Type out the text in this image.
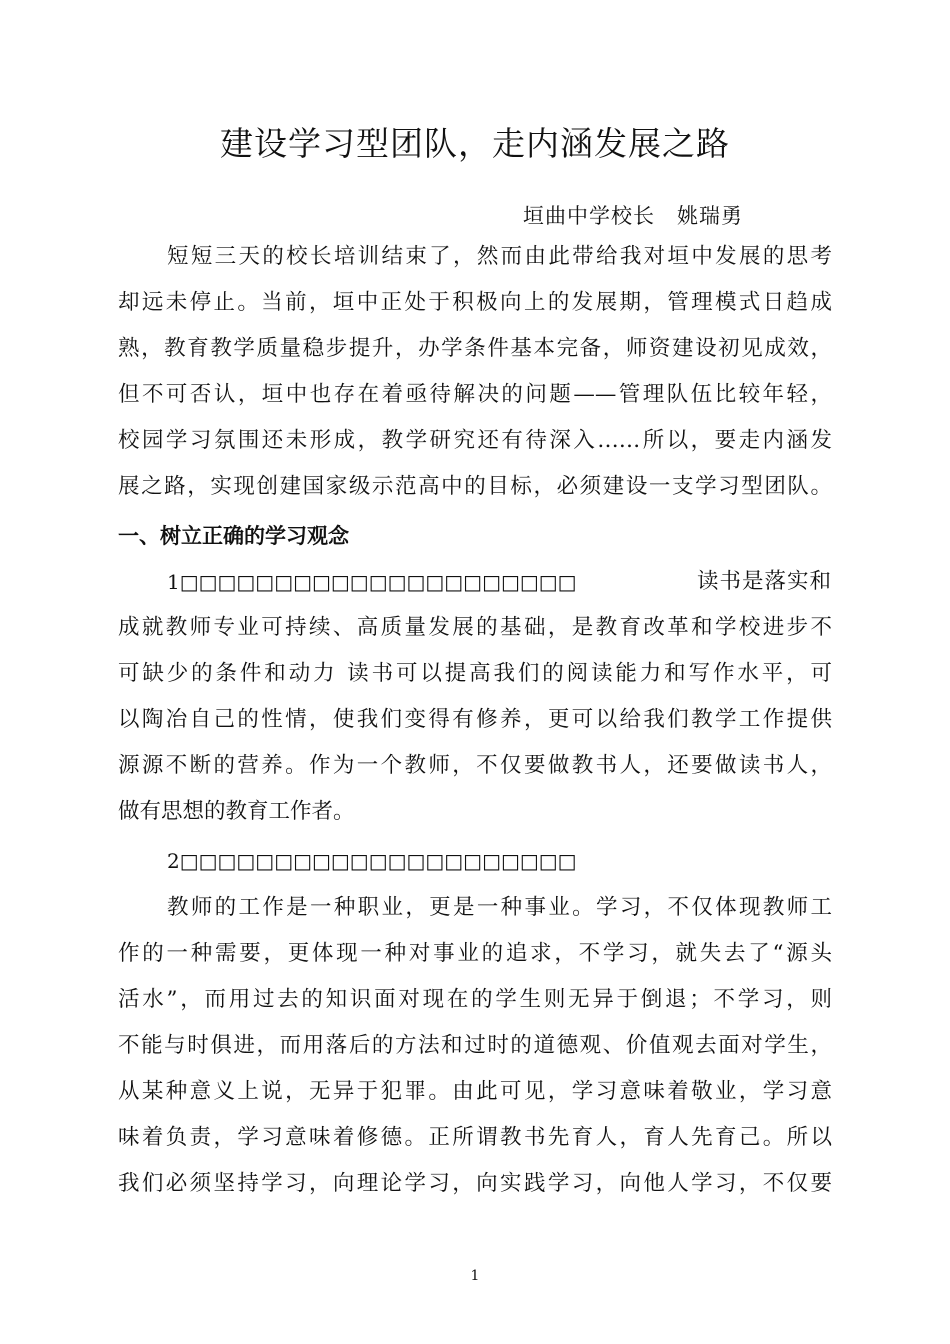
建设学习型团队，走内涵发展之路
垣曲中学校长　姚瑞勇
短短三天的校长培训结束了，然而由此带给我对垣中发展的思考
却远未停止。当前，垣中正处于积极向上的发展期，管理模式日趋成
熟，教育教学质量稳步提升，办学条件基本完备，师资建设初见成效，
但不可否认，垣中也存在着亟待解决的问题——管理队伍比较年轻，
校园学习氛围还未形成，教学研究还有待深入……所以，要走内涵发
展之路，实现创建国家级示范高中的目标，必须建设一支学习型团队。
一、树立正确的学习观念
1□□□□□□□□□□□□□□□□□□□□□	读书是落实和
成就教师专业可持续、高质量发展的基础，是教育改革和学校进步不
可缺少的条件和动力 读书可以提高我们的阅读能力和写作水平，可
以陶冶自己的性情，使我们变得有修养，更可以给我们教学工作提供
源源不断的营养。作为一个教师，不仅要做教书人，还要做读书人，
做有思想的教育工作者。
2□□□□□□□□□□□□□□□□□□□□□
教师的工作是一种职业，更是一种事业。学习，不仅体现教师工
作的一种需要，更体现一种对事业的追求，不学习，就失去了“源头
活水”，而用过去的知识面对现在的学生则无异于倒退；不学习，则
不能与时俱进，而用落后的方法和过时的道德观、价值观去面对学生，
从某种意义上说，无异于犯罪。由此可见，学习意味着敬业，学习意
味着负责，学习意味着修德。正所谓教书先育人，育人先育己。所以
我们必须坚持学习，向理论学习，向实践学习，向他人学习，不仅要
1
